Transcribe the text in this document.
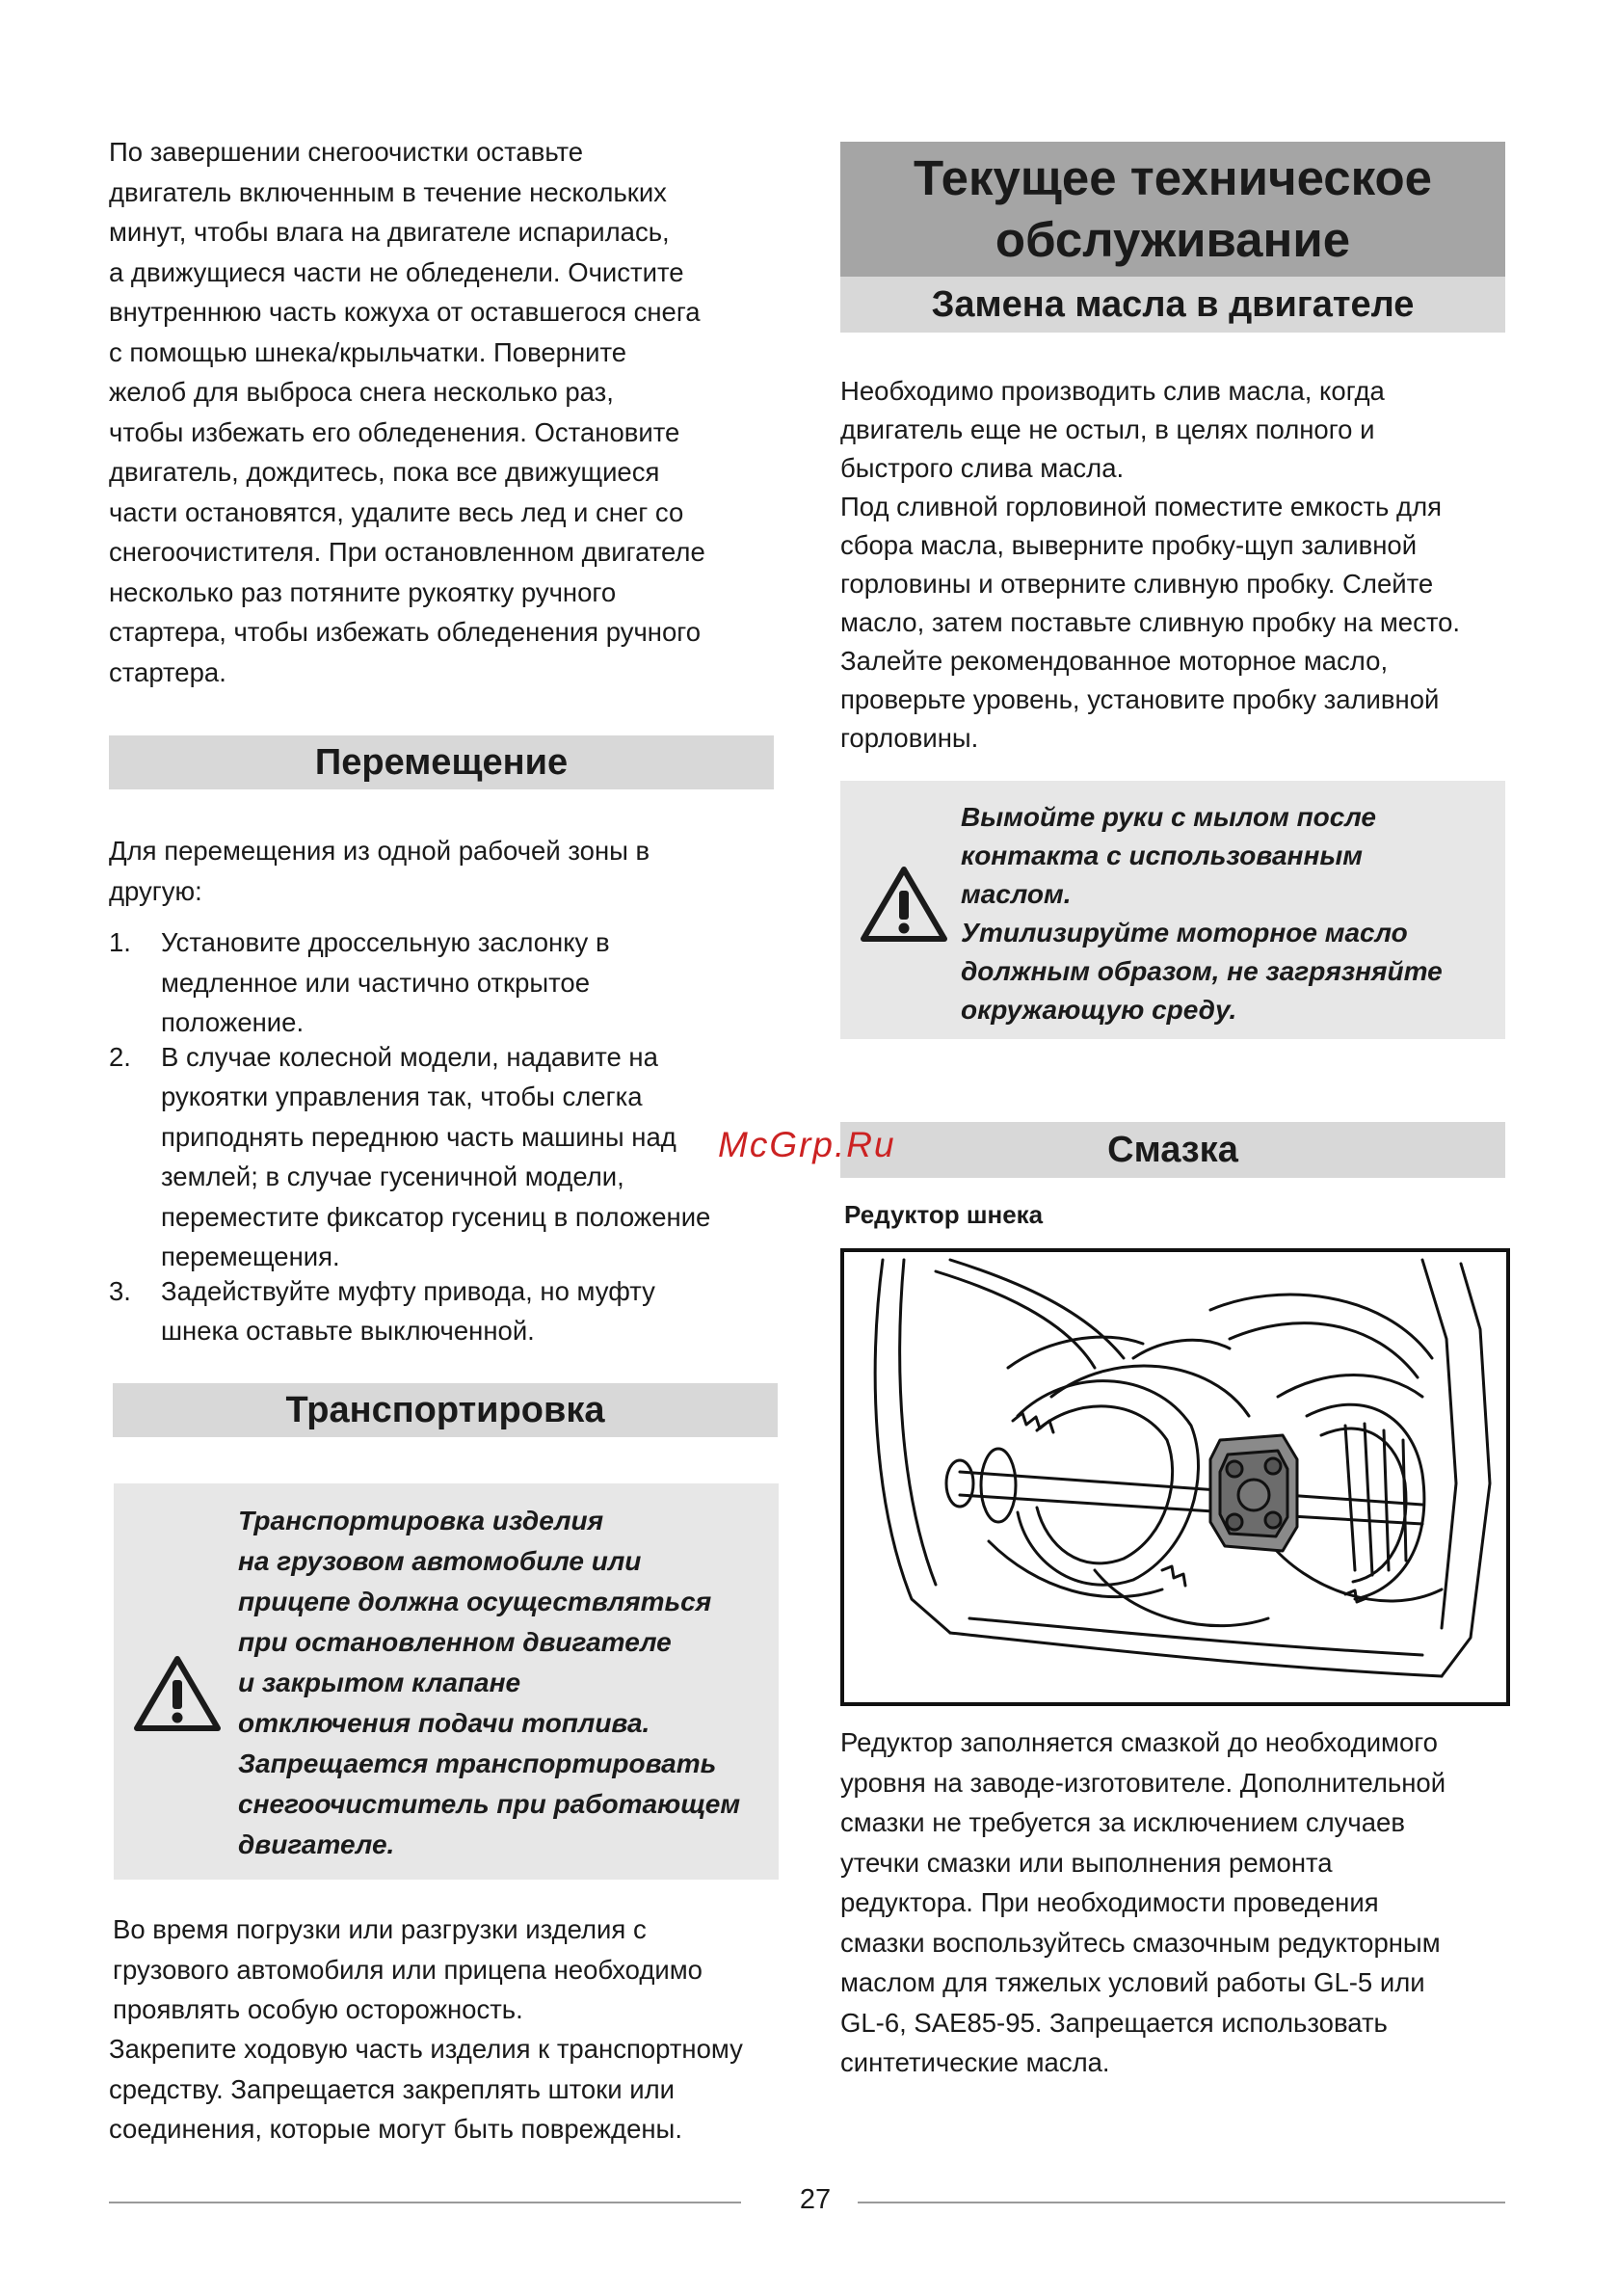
По завершении снегоочистки оставьте
двигатель включенным в течение нескольких
минут, чтобы влага на двигателе испарилась,
а движущиеся части не обледенели. Очистите
внутреннюю часть кожуха от оставшегося снега
с помощью шнека/крыльчатки. Поверните
желоб для выброса снега несколько раз,
чтобы избежать его обледенения. Остановите
двигатель, дождитесь, пока все движущиеся
части остановятся, удалите весь лед и снег со
снегоочистителя. При остановленном двигателе
несколько раз потяните рукоятку ручного
стартера, чтобы избежать обледенения ручного
стартера.
Перемещение
Для перемещения из одной рабочей зоны в
другую:
1. Установите дроссельную заслонку в
медленное или частично открытое
положение.
2. В случае колесной модели, надавите на
рукоятки управления так, чтобы слегка
приподнять переднюю часть машины над
землей; в случае гусеничной модели,
переместите фиксатор гусениц в положение
перемещения.
3. Задействуйте муфту привода, но муфту
шнека оставьте выключенной.
Транспортировка
Транспортировка изделия
на грузовом автомобиле или
прицепе должна осуществляться
при остановленном двигателе
и закрытом клапане
отключения подачи топлива.
Запрещается транспортировать
снегоочиститель при работающем
двигателе.
Во время погрузки или разгрузки изделия с
грузового автомобиля или прицепа необходимо
проявлять особую осторожность.
Закрепите ходовую часть изделия к транспортному
средству. Запрещается закреплять штоки или
соединения, которые могут быть повреждены.
Текущее техническое
обслуживание
Замена масла в двигателе
Необходимо производить слив масла, когда
двигатель еще не остыл, в целях полного и
быстрого слива масла.
Под сливной горловиной поместите емкость для
сбора масла, выверните пробку-щуп заливной
горловины и отверните сливную пробку. Слейте
масло, затем поставьте сливную пробку на место.
Залейте рекомендованное моторное масло,
проверьте уровень, установите пробку заливной
горловины.
Вымойте руки с мылом после
контакта с использованным
маслом.
Утилизируйте моторное масло
должным образом, не загрязняйте
окружающую среду.
Смазка
Редуктор шнека
Редуктор заполняется смазкой до необходимого
уровня на заводе-изготовителе. Дополнительной
смазки не требуется за исключением случаев
утечки смазки или выполнения ремонта
редуктора. При необходимости проведения
смазки воспользуйтесь смазочным редукторным
маслом для тяжелых условий работы GL-5 или
GL-6, SAE85-95. Запрещается использовать
синтетические масла.
McGrp.Ru
27
